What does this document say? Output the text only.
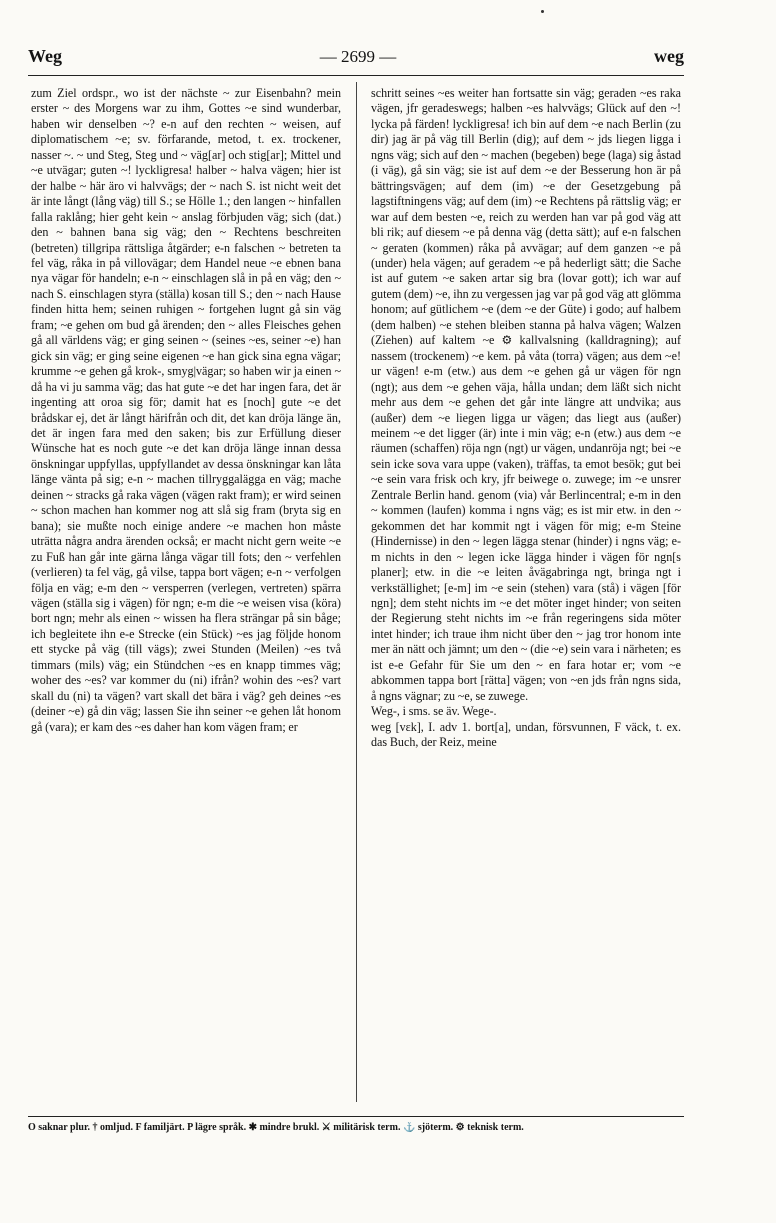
Weg	— 2699 —	weg

zum Ziel ordspr., wo ist der nächste ~ zur Eisenbahn? mein erster ~ des Morgens war zu ihm, Gottes ~e sind wunderbar, haben wir denselben ~? e-n auf den rechten ~ weisen, auf diplomatischem ~e; sv. förfarande, metod, t. ex. trockener, nasser ~. ~ und Steg, Steg und ~ väg[ar] och stig[ar]; Mittel und ~e utvägar; guten ~! lyckligresa! halber ~ halva vägen; hier ist der halbe ~ här äro vi halvvägs; der ~ nach S. ist nicht weit det är inte långt (lång väg) till S.; se Hölle 1.; den langen ~ hinfallen falla raklång; hier geht kein ~ anslag förbjuden väg; sich (dat.) den ~ bahnen bana sig väg; den ~ Rechtens beschreiten (betreten) tillgripa rättsliga åtgärder; e-n falschen ~ betreten ta fel väg, råka in på villovägar; dem Handel neue ~e ebnen bana nya vägar för handeln; e-n ~ einschlagen slå in på en väg; den ~ nach S. einschlagen styra (ställa) kosan till S.; den ~ nach Hause finden hitta hem; seinen ruhigen ~ fortgehen lugnt gå sin väg fram; ~e gehen om bud gå ärenden; den ~ alles Fleisches gehen gå all världens väg; er ging seinen ~ (seines ~es, seiner ~e) han gick sin väg; er ging seine eigenen ~e han gick sina egna vägar; krumme ~e gehen gå krok-, smyg|vägar; so haben wir ja einen ~ då ha vi ju samma väg; das hat gute ~e det har ingen fara, det är ingenting att oroa sig för; damit hat es [noch] gute ~e det brådskar ej, det är långt härifrån och dit, det kan dröja länge än, det är ingen fara med den saken; bis zur Erfüllung dieser Wünsche hat es noch gute ~e det kan dröja länge innan dessa önskningar uppfyllas, uppfyllandet av dessa önskningar kan låta länge vänta på sig; e-n ~ machen tillryggalägga en väg; mache deinen ~ stracks gå raka vägen (vägen rakt fram); er wird seinen ~ schon machen han kommer nog att slå sig fram (bryta sig en bana); sie mußte noch einige andere ~e machen hon måste uträtta några andra ärenden också; er macht nicht gern weite ~e zu Fuß han går inte gärna långa vägar till fots; den ~ verfehlen (verlieren) ta fel väg, gå vilse, tappa bort vägen; e-n ~ verfolgen följa en väg; e-m den ~ versperren (verlegen, vertreten) spärra vägen (ställa sig i vägen) för ngn; e-m die ~e weisen visa (köra) bort ngn; mehr als einen ~ wissen ha flera strängar på sin båge; ich begleitete ihn e-e Strecke (ein Stück) ~es jag följde honom ett stycke på väg (till vägs); zwei Stunden (Meilen) ~es två timmars (mils) väg; ein Stündchen ~es en knapp timmes väg; woher des ~es? var kommer du (ni) ifrån? wohin des ~es? vart skall du (ni) ta vägen? vart skall det bära i väg? geh deines ~es (deiner ~e) gå din väg; lassen Sie ihn seiner ~e gehen låt honom gå (vara); er kam des ~es daher han kom vägen fram; er

schritt seines ~es weiter han fortsatte sin väg; geraden ~es raka vägen, jfr geradeswegs; halben ~es halvvägs; Glück auf den ~! lycka på färden! lyckligresa! ich bin auf dem ~e nach Berlin (zu dir) jag är på väg till Berlin (dig); auf dem ~ jds liegen ligga i ngns väg; sich auf den ~ machen (begeben) bege (laga) sig åstad (i väg), gå sin väg; sie ist auf dem ~e der Besserung hon är på bättringsvägen; auf dem (im) ~e der Gesetzgebung på lagstiftningens väg; auf dem (im) ~e Rechtens på rättslig väg; er war auf dem besten ~e, reich zu werden han var på god väg att bli rik; auf diesem ~e på denna väg (detta sätt); auf e-n falschen ~ geraten (kommen) råka på avvägar; auf dem ganzen ~e på (under) hela vägen; auf geradem ~e på hederligt sätt; die Sache ist auf gutem ~e saken artar sig bra (lovar gott); ich war auf gutem (dem) ~e, ihn zu vergessen jag var på god väg att glömma honom; auf gütlichem ~e (dem ~e der Güte) i godo; auf halbem (dem halben) ~e stehen bleiben stanna på halva vägen; Walzen (Ziehen) auf kaltem ~e ⚙ kallvalsning (kalldragning); auf nassem (trockenem) ~e kem. på våta (torra) vägen; aus dem ~e! ur vägen! e-m (etw.) aus dem ~e gehen gå ur vägen för ngn (ngt); aus dem ~e gehen väja, hålla undan; dem läßt sich nicht mehr aus dem ~e gehen det går inte längre att undvika; aus (außer) dem ~e liegen ligga ur vägen; das liegt aus (außer) meinem ~e det ligger (är) inte i min väg; e-n (etw.) aus dem ~e räumen (schaffen) röja ngn (ngt) ur vägen, undanröja ngt; bei ~e sein icke sova vara uppe (vaken), träffas, ta emot besök; gut bei ~e sein vara frisk och kry, jfr beiwege o. zuwege; im ~e unsrer Zentrale Berlin hand. genom (via) vår Berlincentral; e-m in den ~ kommen (laufen) komma i ngns väg; es ist mir etw. in den ~ gekommen det har kommit ngt i vägen för mig; e-m Steine (Hindernisse) in den ~ legen lägga stenar (hinder) i ngns väg; e-m nichts in den ~ legen icke lägga hinder i vägen för ngn[s planer]; etw. in die ~e leiten åvägabringa ngt, bringa ngt i verkställighet; [e-m] im ~e sein (stehen) vara (stå) i vägen [för ngn]; dem steht nichts im ~e det möter inget hinder; von seiten der Regierung steht nichts im ~e från regeringens sida möter intet hinder; ich traue ihm nicht über den ~ jag tror honom inte mer än nätt och jämnt; um den ~ (die ~e) sein vara i närheten; es ist e-e Gefahr für Sie um den ~ en fara hotar er; vom ~e abkommen tappa bort [rätta] vägen; von ~en jds från ngns sida, å ngns vägnar; zu ~e, se zuwege.
Weg-, i sms. se äv. Wege-.
weg [vɛk], I. adv 1. bort[a], undan, försvunnen, F väck, t. ex. das Buch, der Reiz, meine

O saknar plur. † omljud. F familjärt. P lägre språk. ✱ mindre brukl. ⚔ militärisk term. ⚓ sjöterm. ⚙ teknisk term.
